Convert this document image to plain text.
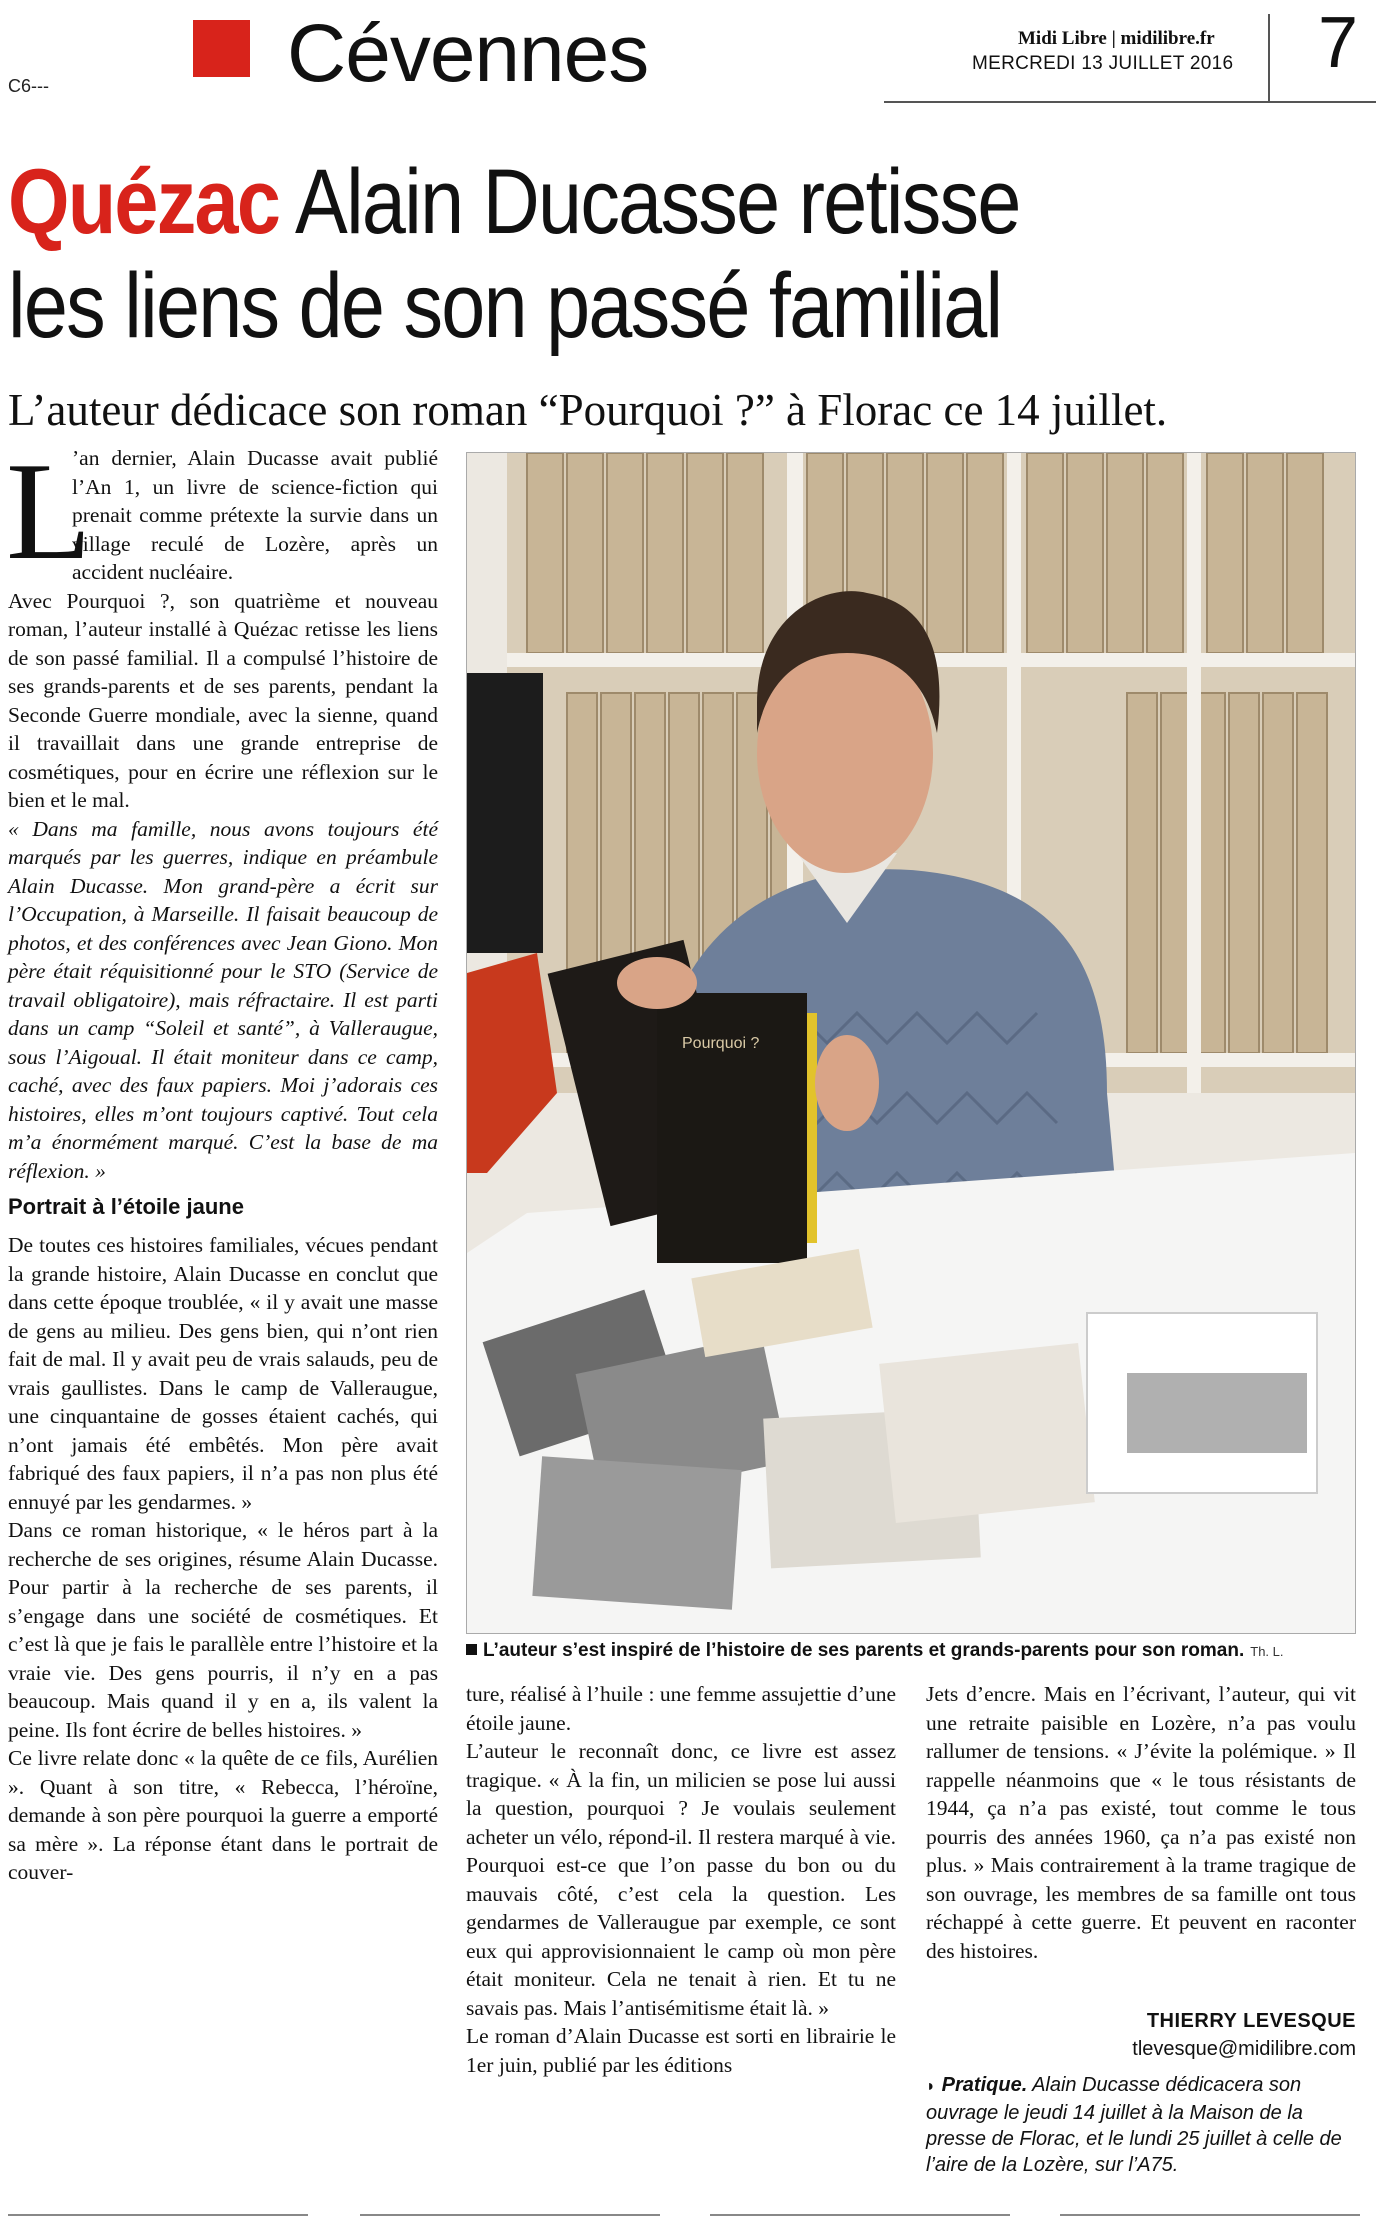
Cévennes
C6---
Midi Libre | midilibre.fr
MERCREDI 13 JUILLET 2016 7
Quézac Alain Ducasse retisse
les liens de son passé familial
L’auteur dédicace son roman “Pourquoi ?” à Florac ce 14 juillet.
L

’an dernier, Alain Ducasse avait publié l’An 1, un livre de science-fiction qui prenait comme prétexte la survie dans un village reculé de Lozère, après un accident nucléaire.

Avec Pourquoi ?, son quatrième et nouveau roman, l’auteur installé à Quézac retisse les liens de son passé familial. Il a compulsé l’histoire de ses grands-parents et de ses parents, pendant la Seconde Guerre mondiale, avec la sienne, quand il travaillait dans une grande entreprise de cosmétiques, pour en écrire une réflexion sur le bien et le mal.

« Dans ma famille, nous avons toujours été marqués par les guerres, indique en préambule Alain Ducasse. Mon grand-père a écrit sur l’Occupation, à Marseille. Il faisait beaucoup de photos, et des conférences avec Jean Giono. Mon père était réquisitionné pour le STO (Service de travail obligatoire), mais réfractaire. Il est parti dans un camp “Soleil et santé”, à Valleraugue, sous l’Aigoual. Il était moniteur dans ce camp, caché, avec des faux papiers. Moi j’adorais ces histoires, elles m’ont toujours captivé. Tout cela m’a énormément marqué. C’est la base de ma réflexion. »

Portrait à l’étoile jaune

De toutes ces histoires familiales, vécues pendant la grande histoire, Alain Ducasse en conclut que dans cette époque troublée, « il y avait une masse de gens au milieu. Des gens bien, qui n’ont rien fait de mal. Il y avait peu de vrais salauds, peu de vrais gaullistes. Dans le camp de Valleraugue, une cinquantaine de gosses étaient cachés, qui n’ont jamais été embêtés. Mon père avait fabriqué des faux papiers, il n’a pas non plus été ennuyé par les gendarmes. »

Dans ce roman historique, « le héros part à la recherche de ses origines, résume Alain Ducasse. Pour partir à la recherche de ses parents, il s’engage dans une société de cosmétiques. Et c’est là que je fais le parallèle entre l’histoire et la vraie vie. Des gens pourris, il n’y en a pas beaucoup. Mais quand il y en a, ils valent la peine. Ils font écrire de belles histoires. »

Ce livre relate donc « la quête de ce fils, Aurélien ». Quant à son titre, « Rebecca, l’héroïne, demande à son père pourquoi la guerre a emporté sa mère ». La réponse étant dans le portrait de couver-

Pourquoi ?
L’auteur s’est inspiré de l’histoire de ses parents et grands-parents pour son roman. Th. L.

ture, réalisé à l’huile : une femme assujettie d’une étoile jaune.

L’auteur le reconnaît donc, ce livre est assez tragique. « À la fin, un milicien se pose lui aussi la question, pourquoi ? Je voulais seulement acheter un vélo, répond-il. Il restera marqué à vie. Pourquoi est-ce que l’on passe du bon ou du mauvais côté, c’est cela la question. Les gendarmes de Valleraugue par exemple, ce sont eux qui approvisionnaient le camp où mon père était moniteur. Cela ne tenait à rien. Et tu ne savais pas. Mais l’antisémitisme était là. »

Le roman d’Alain Ducasse est sorti en librairie le 1er juin, publié par les éditions

Jets d’encre. Mais en l’écrivant, l’auteur, qui vit une retraite paisible en Lozère, n’a pas voulu rallumer de tensions. « J’évite la polémique. » Il rappelle néanmoins que « le tous résistants de 1944, ça n’a pas existé, tout comme le tous pourris des années 1960, ça n’a pas existé non plus. » Mais contrairement à la trame tragique de son ouvrage, les membres de sa famille ont tous réchappé à cette guerre. Et peuvent en raconter des histoires.

THIERRY LEVESQUE
tlevesque@midilibre.com
◗ Pratique. Alain Ducasse dédicacera son ouvrage le jeudi 14 juillet à la Maison de la presse de Florac, et le lundi 25 juillet à celle de l’aire de la Lozère, sur l’A75.
